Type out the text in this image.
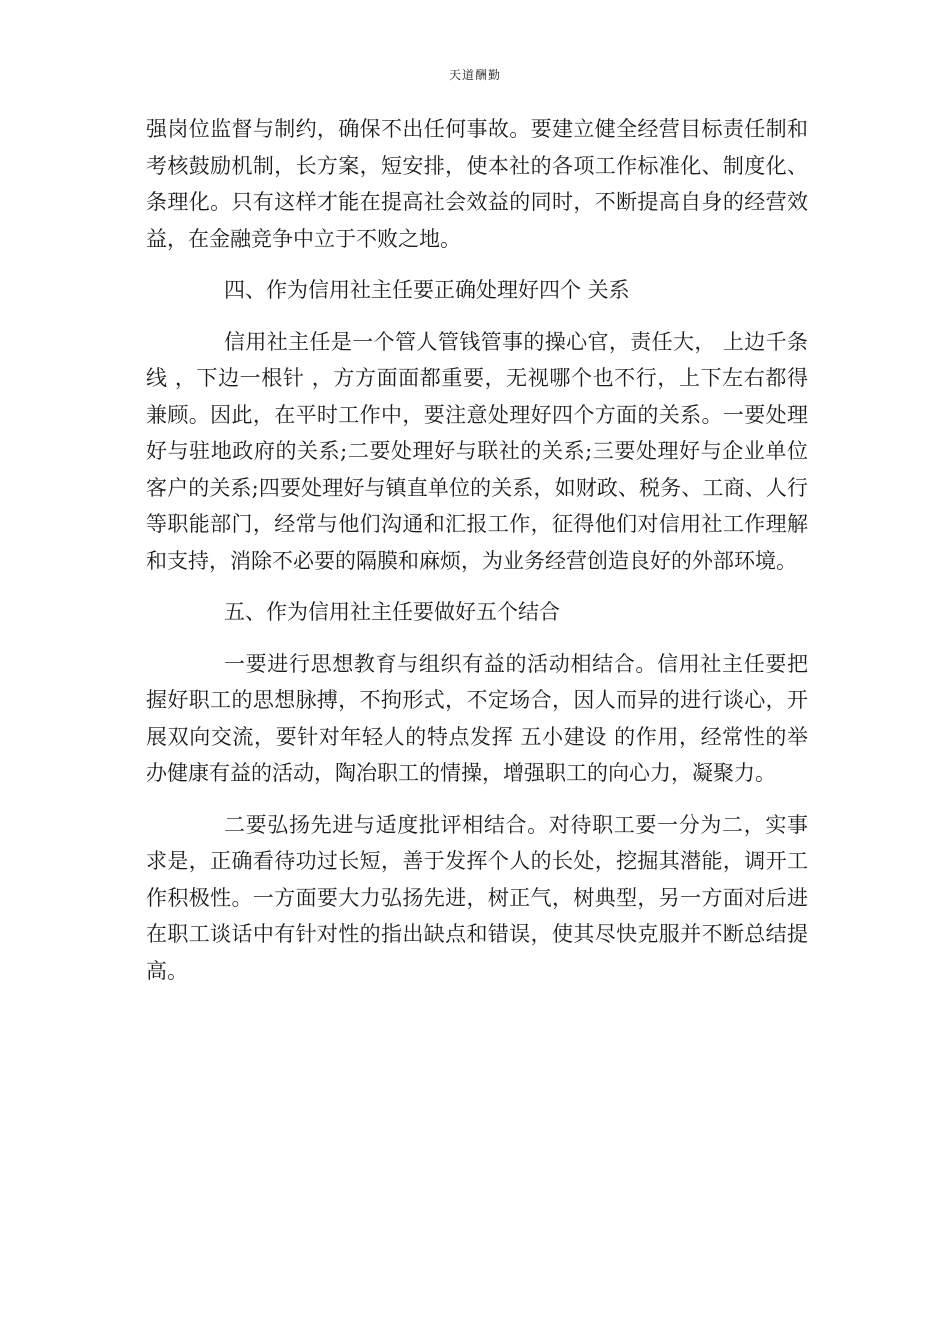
天道酬勤

强岗位监督与制约，确保不出任何事故。要建立健全经营目标责任制和考核鼓励机制，长方案，短安排，使本社的各项工作标准化、制度化、条理化。只有这样才能在提高社会效益的同时，不断提高自身的经营效益，在金融竞争中立于不败之地。

四、作为信用社主任要正确处理好四个 关系

信用社主任是一个管人管钱管事的操心官，责任大， 上边千条线 ，下边一根针 ，方方面面都重要，无视哪个也不行，上下左右都得兼顾。因此，在平时工作中，要注意处理好四个方面的关系。一要处理好与驻地政府的关系;二要处理好与联社的关系;三要处理好与企业单位客户的关系;四要处理好与镇直单位的关系，如财政、税务、工商、人行等职能部门，经常与他们沟通和汇报工作，征得他们对信用社工作理解和支持，消除不必要的隔膜和麻烦，为业务经营创造良好的外部环境。

五、作为信用社主任要做好五个结合

一要进行思想教育与组织有益的活动相结合。信用社主任要把握好职工的思想脉搏，不拘形式，不定场合，因人而异的进行谈心，开展双向交流，要针对年轻人的特点发挥 五小建设 的作用，经常性的举办健康有益的活动，陶冶职工的情操，增强职工的向心力，凝聚力。

二要弘扬先进与适度批评相结合。对待职工要一分为二，实事求是，正确看待功过长短，善于发挥个人的长处，挖掘其潜能，调开工作积极性。一方面要大力弘扬先进，树正气，树典型，另一方面对后进在职工谈话中有针对性的指出缺点和错误，使其尽快克服并不断总结提高。
